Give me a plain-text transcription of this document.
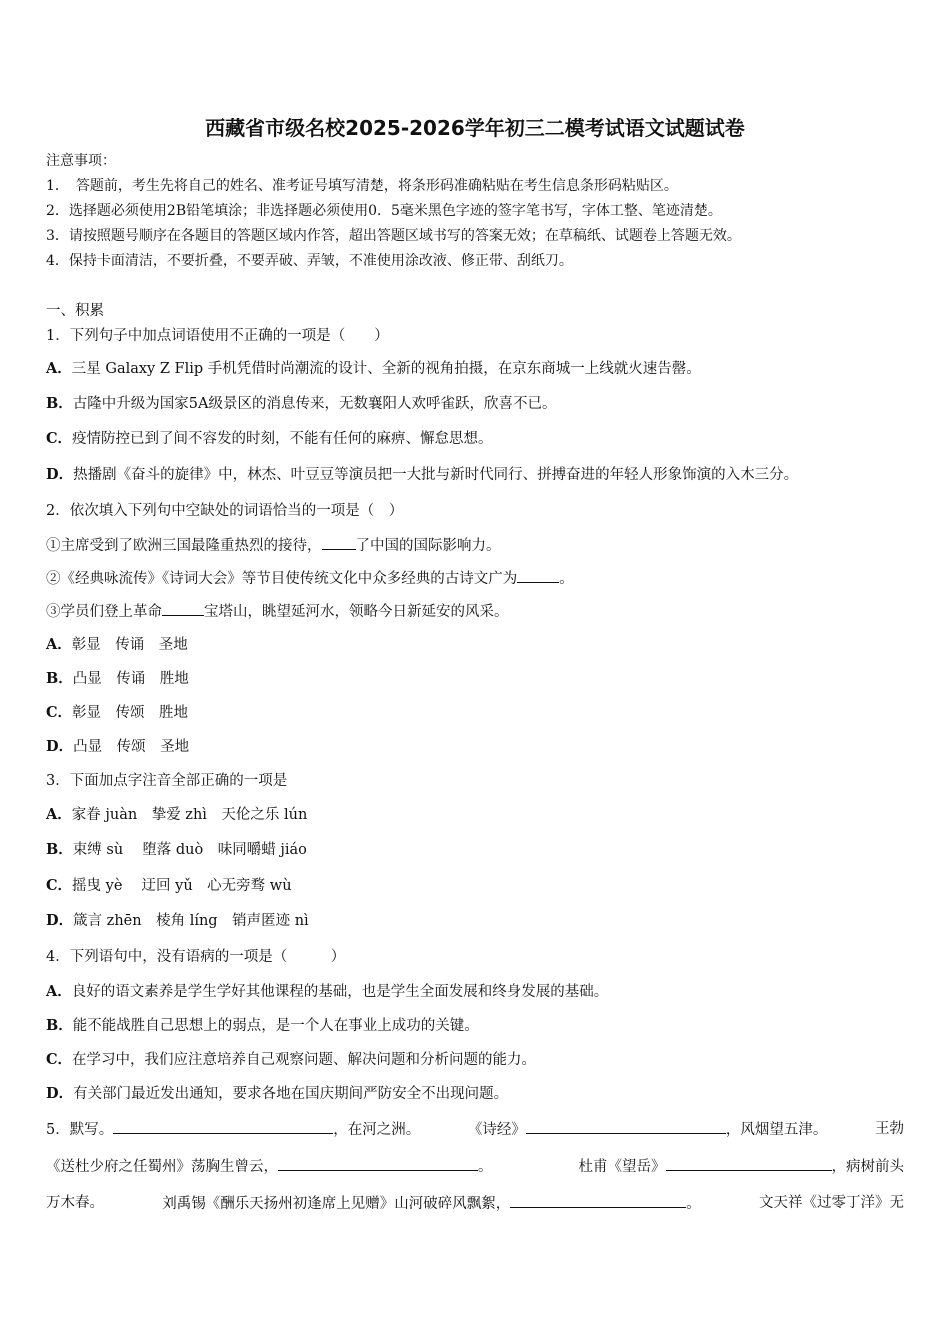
西藏省市级名校2025-2026学年初三二模考试语文试题试卷
注意事项：
1．　答题前，考生先将自己的姓名、准考证号填写清楚，将条形码准确粘贴在考生信息条形码粘贴区。
2．选择题必须使用2B铅笔填涂；非选择题必须使用0．5毫米黑色字迹的签字笔书写，字体工整、笔迹清楚。
3．请按照题号顺序在各题目的答题区域内作答，超出答题区域书写的答案无效；在草稿纸、试题卷上答题无效。
4．保持卡面清洁，不要折叠，不要弄破、弄皱，不准使用涂改液、修正带、刮纸刀。
一、积累
1．下列句子中加点词语使用不正确的一项是（　　）
A．三星 Galaxy Z Flip 手机凭借时尚潮流的设计、全新的视角拍摄，在京东商城一上线就火速告罄。
B．古隆中升级为国家5A级景区的消息传来，无数襄阳人欢呼雀跃，欣喜不已。
C．疫情防控已到了间不容发的时刻，不能有任何的麻痹、懈怠思想。
D．热播剧《奋斗的旋律》中，林杰、叶豆豆等演员把一大批与新时代同行、拼搏奋进的年轻人形象饰演的入木三分。
2．依次填入下列句中空缺处的词语恰当的一项是（　）
①主席受到了欧洲三国最隆重热烈的接待， 了中国的国际影响力。
②《经典咏流传》《诗词大会》等节目使传统文化中众多经典的古诗文广为	。
③学员们登上革命	宝塔山，眺望延河水，领略今日新延安的风采。
A．彰显　传诵　圣地
B．凸显　传诵　胜地
C．彰显　传颂　胜地
D．凸显　传颂　圣地
3．下面加点字注音全部正确的一项是
A．家眷 juàn　挚爱 zhì　天伦之乐 lún
B．束缚 sù　 堕落 duò　味同嚼蜡 jiáo
C．摇曳 yè　 迂回 yǔ　心无旁骛 wù
D．箴言 zhēn　棱角 líng　销声匿迹 nì
4．下列语句中，没有语病的一项是（　　　）
A．良好的语文素养是学生学好其他课程的基础，也是学生全面发展和终身发展的基础。
B．能不能战胜自己思想上的弱点，是一个人在事业上成功的关键。
C．在学习中，我们应注意培养自己观察问题、解决问题和分析问题的能力。
D．有关部门最近发出通知，要求各地在国庆期间严防安全不出现问题。
5．默写。	，在河之洲。	《诗经》	，风烟望五津。	王勃
《送杜少府之任蜀州》荡胸生曾云，	。	杜甫《望岳》	，病树前头
万木春。	刘禹锡《酬乐天扬州初逢席上见赠》山河破碎风飘絮，	。	文天祥《过零丁洋》无
